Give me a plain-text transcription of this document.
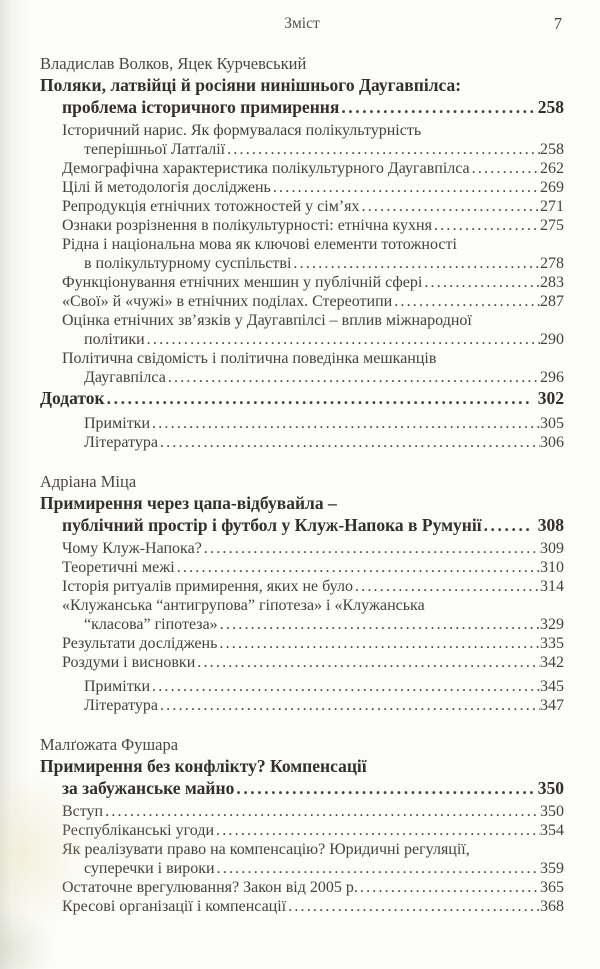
Зміст	7
Владислав Волков, Яцек Курчевський
Поляки, латвійці й росіяни нинішнього Даугавпілса:
проблема історичного примирення .....	258
Історичний нарис. Як формувалася полікультурність
теперішньої Латґалії .....	258
Демографічна характеристика полікультурного Даугавпілса .....	262
Цілі й методологія досліджень .....	269
Репродукція етнічних тотожностей у сім’ях .....	271
Ознаки розрізнення в полікультурності: етнічна кухня .....	275
Рідна і національна мова як ключові елементи тотожності
в полікультурному суспільстві .....	278
Функціонування етнічних меншин у публічній сфері .....	283
«Свої» й «чужі» в етнічних поділах. Стереотипи .....	287
Оцінка етнічних зв’язків у Даугавпілсі – вплив міжнародної
політики .....	290
Політична свідомість і політична поведінка мешканців
Даугавпілса .....	296
Додаток .....	302
Примітки .....	305
Література .....	306
Адріана Міца
Примирення через цапа-відбувайла –
публічний простір і футбол у Клуж-Напока в Румунії .....	308
Чому Клуж-Напока? .....	309
Теоретичні межі .....	310
Історія ритуалів примирення, яких не було .....	314
«Клужанська “антигрупова” гіпотеза» і «Клужанська
“класова” гіпотеза» .....	329
Результати досліджень .....	335
Роздуми і висновки .....	342
Примітки .....	345
Література .....	347
Малґожата Фушара
Примирення без конфлікту? Компенсації
за забужанське майно .....	350
Вступ .....	350
Республіканські угоди .....	354
Як реалізувати право на компенсацію? Юридичні регуляції,
суперечки і вироки .....	359
Остаточне врегулювання? Закон від 2005 р. .....	365
Кресові організації і компенсації .....	368
